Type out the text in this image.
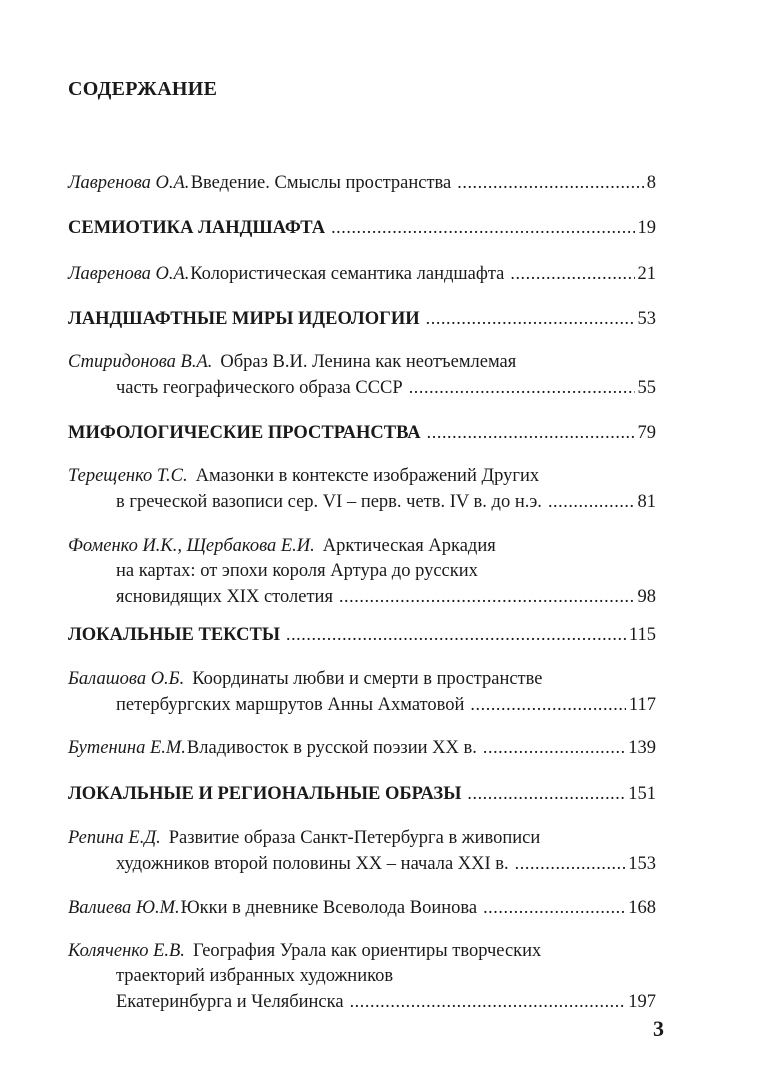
СОДЕРЖАНИЕ
Лавренова О.А. Введение. Смыслы пространства .....	8
СЕМИОТИКА ЛАНДШАФТА .....	19
Лавренова О.А. Колористическая семантика ландшафта .....	21
ЛАНДШАФТНЫЕ МИРЫ ИДЕОЛОГИИ .....	53
Стиридонова В.А. Образ В.И. Ленина как неотъемлемая
часть географического образа СССР .....	55
МИФОЛОГИЧЕСКИЕ ПРОСТРАНСТВА .....	79
Терещенко Т.С. Амазонки в контексте изображений Других
в греческой вазописи сер. VI – перв. четв. IV в. до н.э. .....	81
Фоменко И.К., Щербакова Е.И. Арктическая Аркадия
на картах: от эпохи короля Артура до русских
ясновидящих XIX столетия .....	98
ЛОКАЛЬНЫЕ ТЕКСТЫ .....	115
Балашова О.Б. Координаты любви и смерти в пространстве
петербургских маршрутов Анны Ахматовой .....	117
Бутенина Е.М. Владивосток в русской поэзии XX в. .....	139
ЛОКАЛЬНЫЕ И РЕГИОНАЛЬНЫЕ ОБРАЗЫ .....	151
Репина Е.Д. Развитие образа Санкт-Петербурга в живописи
художников второй половины XX – начала XXI в. .....	153
Валиева Ю.М. Юкки в дневнике Всеволода Воинова .....	168
Коляченко Е.В. География Урала как ориентиры творческих
траекторий избранных художников
Екатеринбурга и Челябинска .....	197
3
